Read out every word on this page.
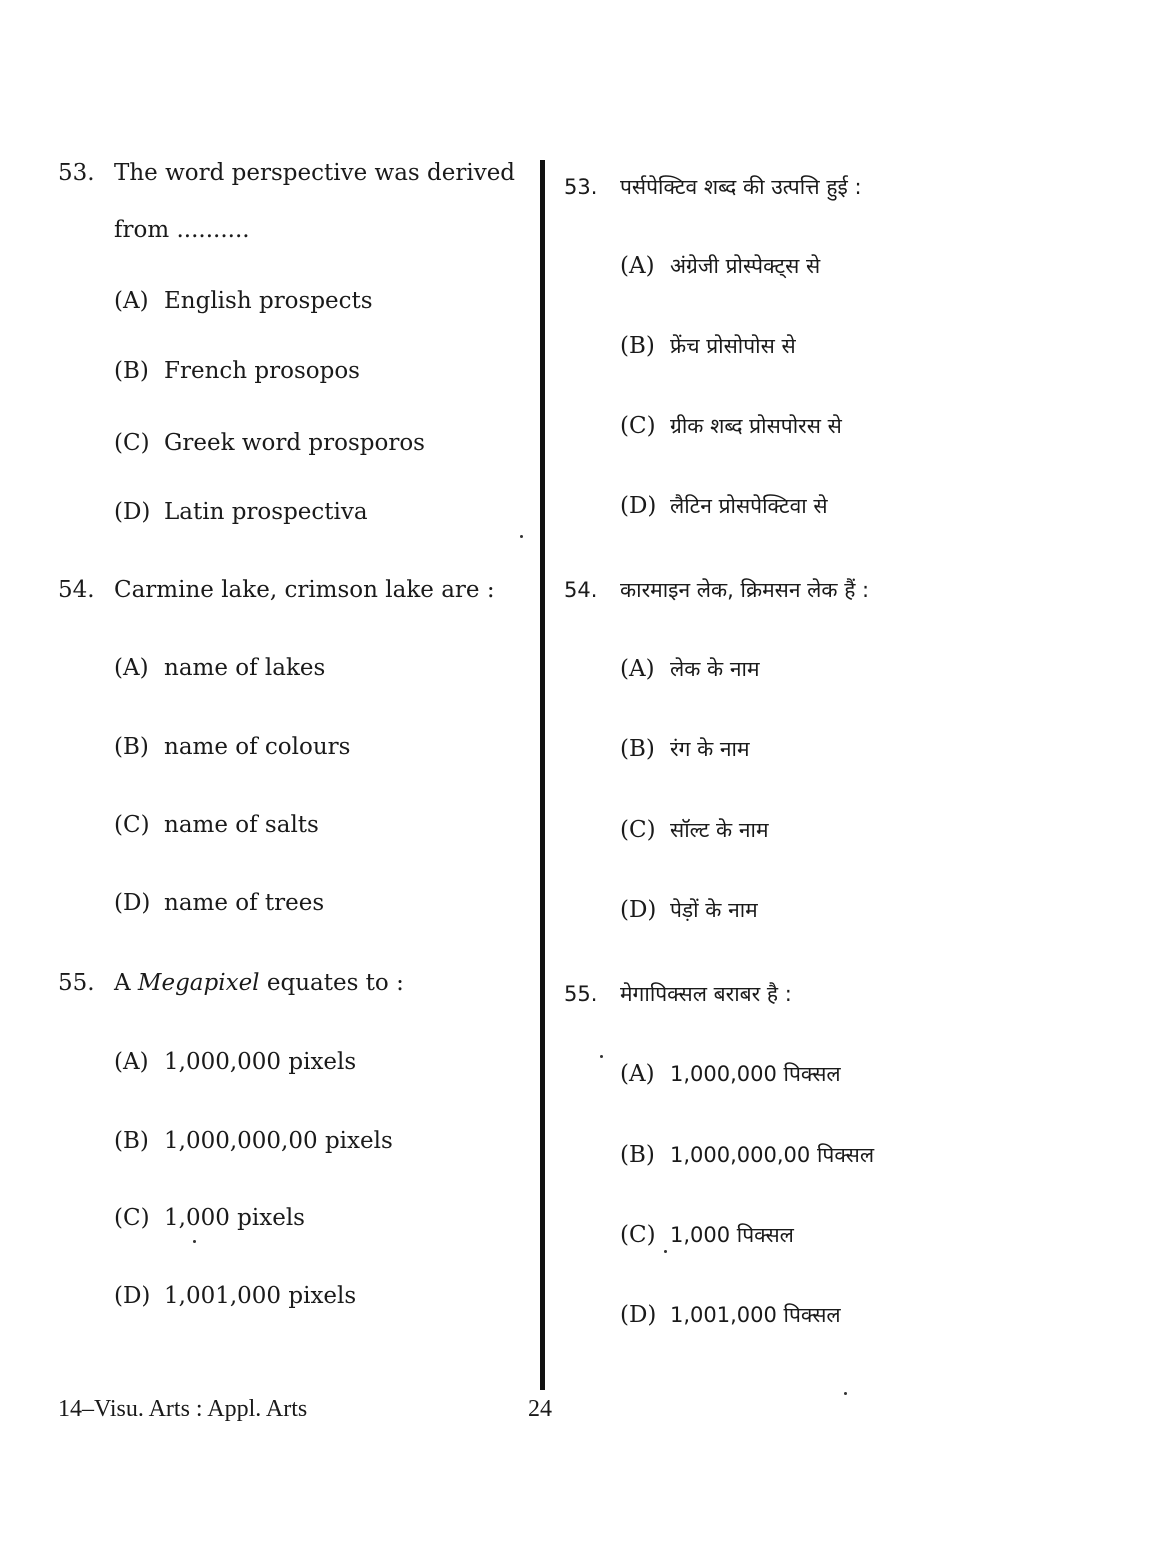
53. The word perspective was derived
from ..........
(A) English prospects
(B) French prosopos
(C) Greek word prosporos
(D) Latin prospectiva
54. Carmine lake, crimson lake are :
(A) name of lakes
(B) name of colours
(C) name of salts
(D) name of trees
55. A Megapixel equates to :
(A) 1,000,000 pixels
(B) 1,000,000,00 pixels
(C) 1,000 pixels
(D) 1,001,000 pixels
53. पर्सपेक्टिव शब्द की उत्पत्ति हुई :
(A) अंग्रेजी प्रोस्पेक्ट्स से
(B) फ्रेंच प्रोसोपोस से
(C) ग्रीक शब्द प्रोसपोरस से
(D) लैटिन प्रोसपेक्टिवा से
54. कारमाइन लेक, क्रिमसन लेक हैं :
(A) लेक के नाम
(B) रंग के नाम
(C) सॉल्ट के नाम
(D) पेड़ों के नाम
55. मेगापिक्सल बराबर है :
(A) 1,000,000 पिक्सल
(B) 1,000,000,00 पिक्सल
(C) 1,000 पिक्सल
(D) 1,001,000 पिक्सल
14–Visu. Arts : Appl. Arts	24
